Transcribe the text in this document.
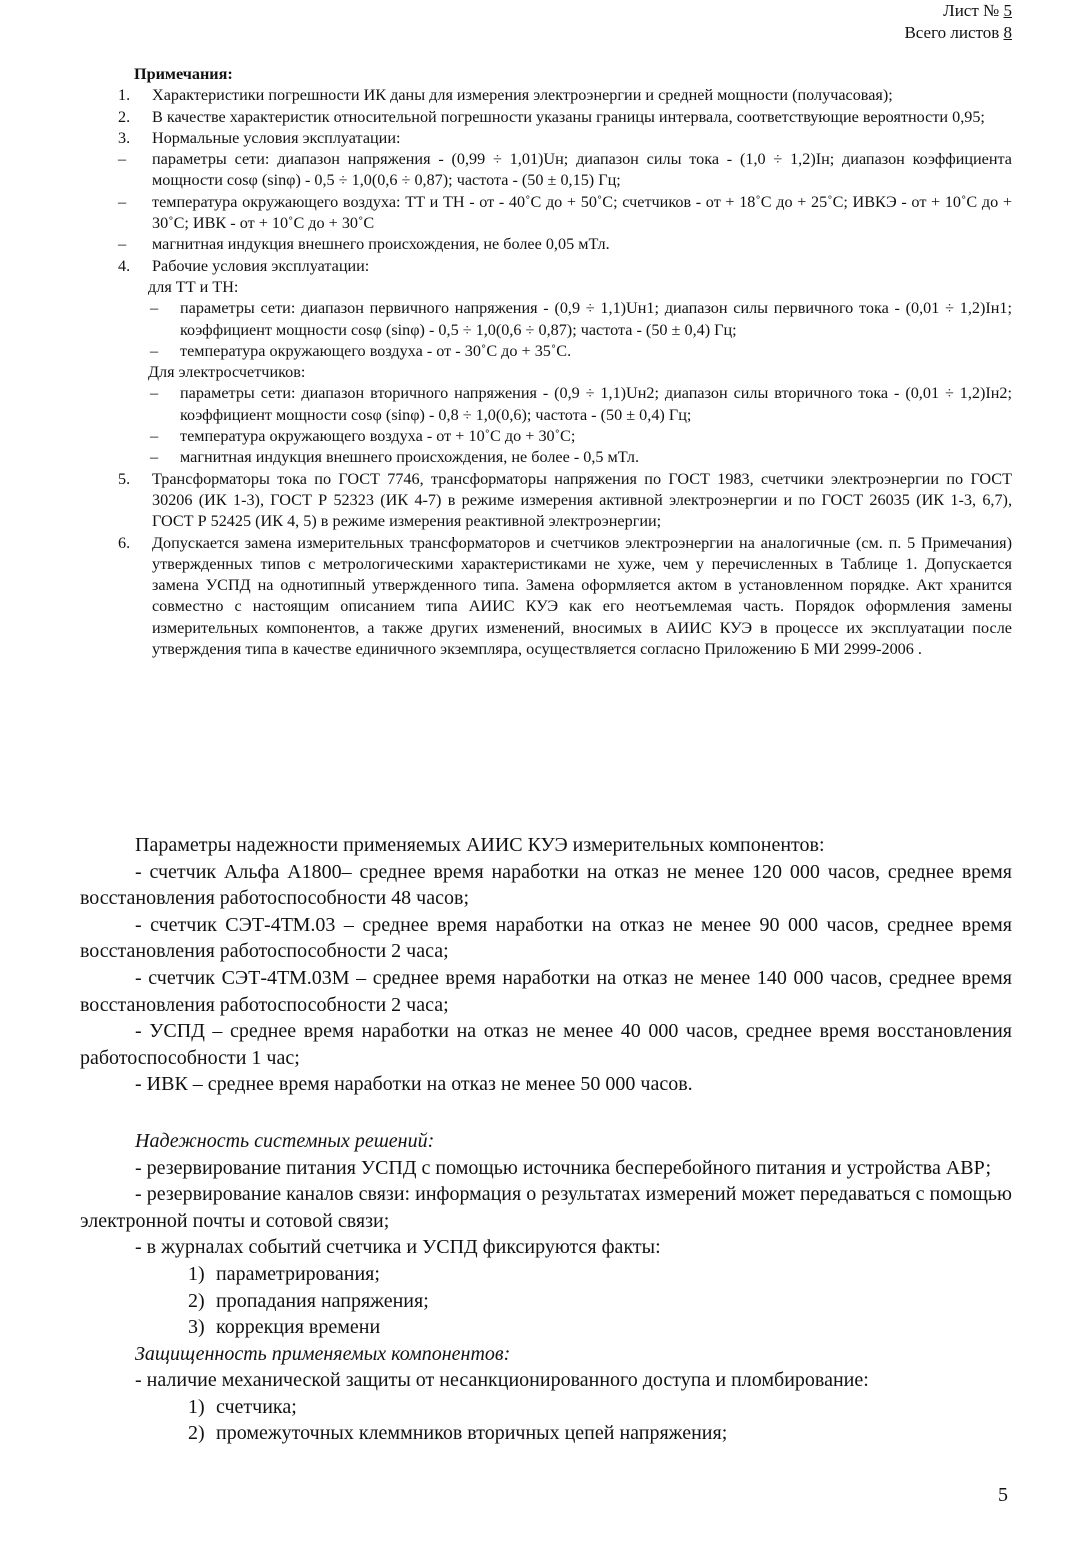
Лист № 5
Всего листов 8
Примечания:
1. Характеристики погрешности ИК даны для измерения электроэнергии и средней мощности (получасовая);
2. В качестве характеристик относительной погрешности указаны границы интервала, соответствующие вероятности 0,95;
3. Нормальные условия эксплуатации:
– параметры сети: диапазон напряжения - (0,99 ÷ 1,01)Uн; диапазон силы тока - (1,0 ÷ 1,2)Iн; диапазон коэффициента мощности cosφ (sinφ) - 0,5 ÷ 1,0(0,6 ÷ 0,87); частота - (50 ± 0,15) Гц;
– температура окружающего воздуха: ТТ и ТН - от - 40˚С до + 50˚С; счетчиков - от + 18˚С до + 25˚С; ИВКЭ - от + 10˚С до + 30˚С; ИВК - от + 10˚С до + 30˚С
– магнитная индукция внешнего происхождения, не более 0,05 мТл.
4. Рабочие условия эксплуатации:
для ТТ и ТН:
– параметры сети: диапазон первичного напряжения - (0,9 ÷ 1,1)Uн1; диапазон силы первичного тока - (0,01 ÷ 1,2)Iн1; коэффициент мощности cosφ (sinφ) - 0,5 ÷ 1,0(0,6 ÷ 0,87); частота - (50 ± 0,4) Гц;
– температура окружающего воздуха - от - 30˚С до + 35˚С.
Для электросчетчиков:
– параметры сети: диапазон вторичного напряжения - (0,9 ÷ 1,1)Uн2; диапазон силы вторичного тока - (0,01 ÷ 1,2)Iн2; коэффициент мощности cosφ (sinφ) - 0,8 ÷ 1,0(0,6); частота - (50 ± 0,4) Гц;
– температура окружающего воздуха - от + 10˚С до + 30˚С;
– магнитная индукция внешнего происхождения, не более - 0,5 мТл.
5. Трансформаторы тока по ГОСТ 7746, трансформаторы напряжения по ГОСТ 1983, счетчики электроэнергии по ГОСТ 30206 (ИК 1-3), ГОСТ Р 52323 (ИК 4-7) в режиме измерения активной электроэнергии и по ГОСТ 26035 (ИК 1-3, 6,7), ГОСТ Р 52425 (ИК 4, 5) в режиме измерения реактивной электроэнергии;
6. Допускается замена измерительных трансформаторов и счетчиков электроэнергии на аналогичные (см. п. 5 Примечания) утвержденных типов с метрологическими характеристиками не хуже, чем у перечисленных в Таблице 1. Допускается замена УСПД на однотипный утвержденного типа. Замена оформляется актом в установленном порядке. Акт хранится совместно с настоящим описанием типа АИИС КУЭ как его неотъемлемая часть. Порядок оформления замены измерительных компонентов, а также других изменений, вносимых в АИИС КУЭ в процессе их эксплуатации после утверждения типа в качестве единичного экземпляра, осуществляется согласно Приложению Б МИ 2999-2006 .
Параметры надежности применяемых АИИС КУЭ измерительных компонентов:
- счетчик Альфа А1800– среднее время наработки на отказ не менее 120 000 часов, среднее время восстановления работоспособности 48 часов;
- счетчик СЭТ-4ТМ.03 – среднее время наработки на отказ не менее 90 000 часов, среднее время восстановления работоспособности 2 часа;
- счетчик СЭТ-4ТМ.03М – среднее время наработки на отказ не менее 140 000 часов, среднее время восстановления работоспособности 2 часа;
- УСПД – среднее время наработки на отказ не менее 40 000 часов, среднее время восстановления работоспособности 1 час;
- ИВК – среднее время наработки на отказ не менее 50 000 часов.
Надежность системных решений:
- резервирование питания УСПД с помощью источника бесперебойного питания и устройства АВР;
- резервирование каналов связи: информация о результатах измерений может передаваться с помощью электронной почты и сотовой связи;
- в журналах событий счетчика и УСПД фиксируются факты:
1) параметрирования;
2) пропадания напряжения;
3) коррекция времени
Защищенность применяемых компонентов:
- наличие механической защиты от несанкционированного доступа и пломбирование:
1) счетчика;
2) промежуточных клеммников вторичных цепей напряжения;
5
